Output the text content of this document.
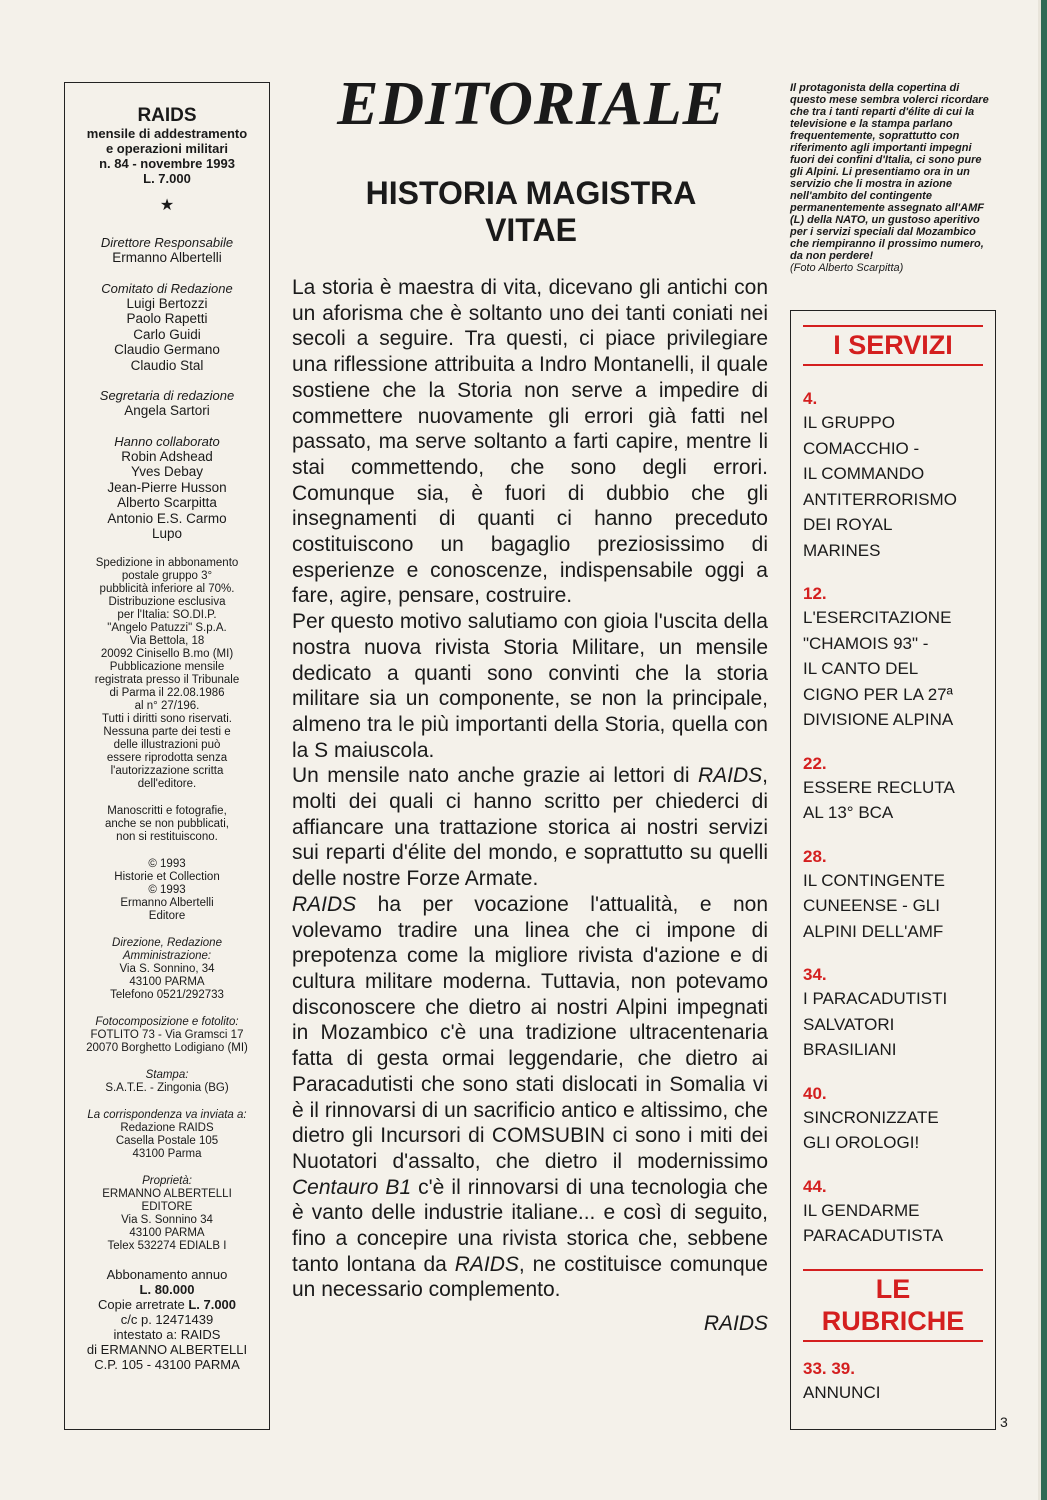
RAIDS
mensile di addestramento
e operazioni militari
n. 84 - novembre 1993
L. 7.000
★
Direttore Responsabile
Ermanno Albertelli
Comitato di Redazione
Luigi Bertozzi
Paolo Rapetti
Carlo Guidi
Claudio Germano
Claudio Stal
Segretaria di redazione
Angela Sartori
Hanno collaborato
Robin Adshead
Yves Debay
Jean-Pierre Husson
Alberto Scarpitta
Antonio E.S. Carmo
Lupo
Spedizione in abbonamento
postale gruppo 3°
pubblicità inferiore al 70%.
Distribuzione esclusiva
per l'Italia: SO.DI.P.
"Angelo Patuzzi" S.p.A.
Via Bettola, 18
20092 Cinisello B.mo (MI)
Pubblicazione mensile
registrata presso il Tribunale
di Parma il 22.08.1986
al n° 27/196.
Tutti i diritti sono riservati.
Nessuna parte dei testi e
delle illustrazioni può
essere riprodotta senza
l'autorizzazione scritta
dell'editore.
Manoscritti e fotografie,
anche se non pubblicati,
non si restituiscono.
© 1993
Historie et Collection
© 1993
Ermanno Albertelli
Editore
Direzione, Redazione
Amministrazione:
Via S. Sonnino, 34
43100 PARMA
Telefono 0521/292733
Fotocomposizione e fotolito:
FOTLITO 73 - Via Gramsci 17
20070 Borghetto Lodigiano (MI)
Stampa:
S.A.T.E. - Zingonia (BG)
La corrispondenza va inviata a:
Redazione RAIDS
Casella Postale 105
43100 Parma
Proprietà:
ERMANNO ALBERTELLI
EDITORE
Via S. Sonnino 34
43100 PARMA
Telex 532274 EDIALB I
Abbonamento annuo
L. 80.000
Copie arretrate L. 7.000
c/c p. 12471439
intestato a: RAIDS
di ERMANNO ALBERTELLI
C.P. 105 - 43100 PARMA
EDITORIALE
HISTORIA MAGISTRA
VITAE

La storia è maestra di vita, dicevano gli antichi con un aforisma che è soltanto uno dei tanti coniati nei secoli a seguire. Tra questi, ci piace privilegiare una riflessione attribuita a Indro Montanelli, il quale sostiene che la Storia non serve a impedire di commettere nuovamente gli errori già fatti nel passato, ma serve soltanto a farti capire, mentre li stai commettendo, che sono degli errori. Comunque sia, è fuori di dubbio che gli insegnamenti di quanti ci hanno preceduto costituiscono un bagaglio preziosissimo di esperienze e conoscenze, indispensabile oggi a fare, agire, pensare, costruire.

Per questo motivo salutiamo con gioia l'uscita della nostra nuova rivista Storia Militare, un mensile dedicato a quanti sono convinti che la storia militare sia un componente, se non la principale, almeno tra le più importanti della Storia, quella con la S maiuscola.

Un mensile nato anche grazie ai lettori di RAIDS, molti dei quali ci hanno scritto per chiederci di affiancare una trattazione storica ai nostri servizi sui reparti d'élite del mondo, e soprattutto su quelli delle nostre Forze Armate.

RAIDS ha per vocazione l'attualità, e non volevamo tradire una linea che ci impone di prepotenza come la migliore rivista d'azione e di cultura militare moderna. Tuttavia, non potevamo disconoscere che dietro ai nostri Alpini impegnati in Mozambico c'è una tradizione ultracentenaria fatta di gesta ormai leggendarie, che dietro ai Paracadutisti che sono stati dislocati in Somalia vi è il rinnovarsi di un sacrificio antico e altissimo, che dietro gli Incursori di COMSUBIN ci sono i miti dei Nuotatori d'assalto, che dietro il modernissimo Centauro B1 c'è il rinnovarsi di una tecnologia che è vanto delle industrie italiane... e così di seguito, fino a concepire una rivista storica che, sebbene tanto lontana da RAIDS, ne costituisce comunque un necessario complemento.

RAIDS

Il protagonista della copertina di questo mese sembra volerci ricordare che tra i tanti reparti d'élite di cui la televisione e la stampa parlano frequentemente, soprattutto con riferimento agli importanti impegni fuori dei confini d'Italia, ci sono pure gli Alpini. Li presentiamo ora in un servizio che li mostra in azione nell'ambito del contingente permanentemente assegnato all'AMF (L) della NATO, un gustoso aperitivo per i servizi speciali dal Mozambico che riempiranno il prossimo numero, da non perdere!
(Foto Alberto Scarpitta)
I SERVIZI
4.
IL GRUPPO
COMACCHIO -
IL COMMANDO
ANTITERRORISMO
DEI ROYAL
MARINES
12.
L'ESERCITAZIONE
"CHAMOIS 93" -
IL CANTO DEL
CIGNO PER LA 27ª
DIVISIONE ALPINA
22.
ESSERE RECLUTA
AL 13° BCA
28.
IL CONTINGENTE
CUNEENSE - GLI
ALPINI DELL'AMF
34.
I PARACADUTISTI
SALVATORI
BRASILIANI
40.
SINCRONIZZATE
GLI OROLOGI!
44.
IL GENDARME
PARACADUTISTA
LE RUBRICHE
33. 39.
ANNUNCI
3
